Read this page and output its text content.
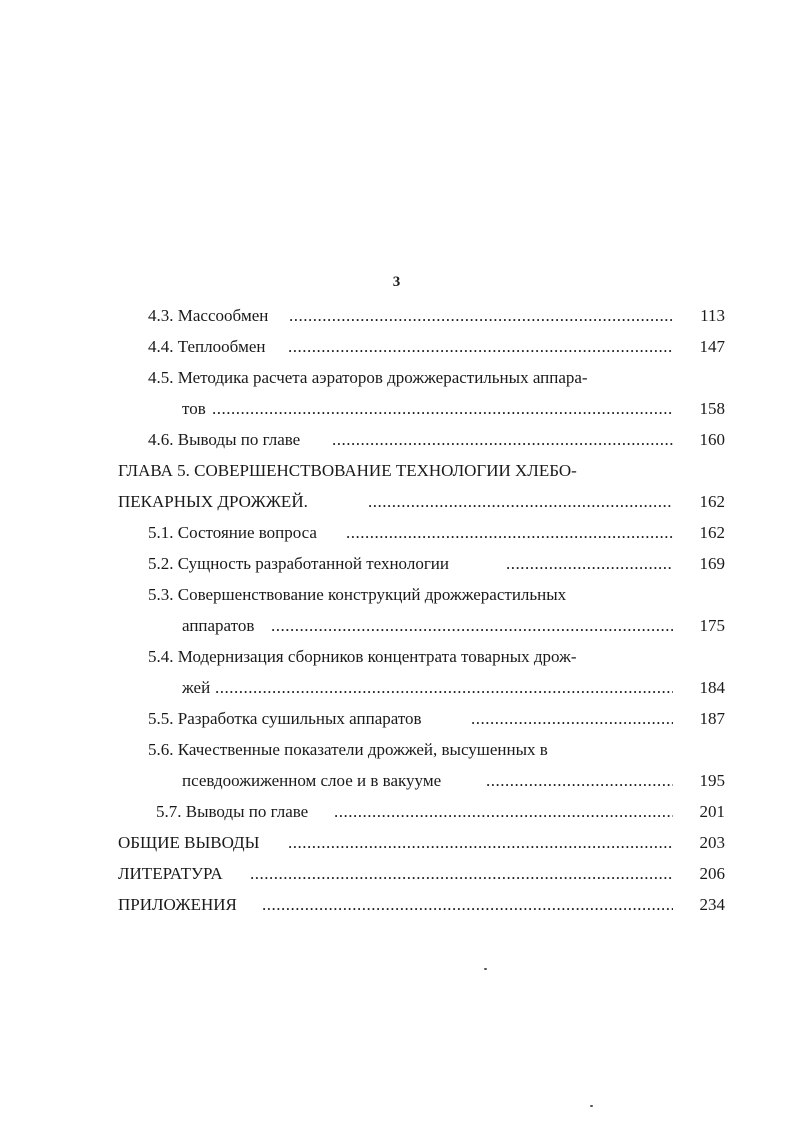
3
4.3. Массообмен .....	113
4.4. Теплообмен .....	147
4.5. Методика расчета аэраторов дрожжерастильных аппара-
тов .....	158
4.6. Выводы по главе .....	160
ГЛАВА 5. СОВЕРШЕНСТВОВАНИЕ ТЕХНОЛОГИИ ХЛЕБО-
ПЕКАРНЫХ ДРОЖЖЕЙ. .....	162
5.1. Состояние вопроса .....	162
5.2. Сущность разработанной технологии .....	169
5.3. Совершенствование конструкций дрожжерастильных
аппаратов .....	175
5.4. Модернизация сборников концентрата товарных дрож-
жей .....	184
5.5. Разработка сушильных аппаратов .....	187
5.6. Качественные показатели дрожжей, высушенных в
псевдоожиженном слое и в вакууме .....	195
5.7. Выводы по главе .....	201
ОБЩИЕ ВЫВОДЫ .....	203
ЛИТЕРАТУРА .....	206
ПРИЛОЖЕНИЯ .....	234
